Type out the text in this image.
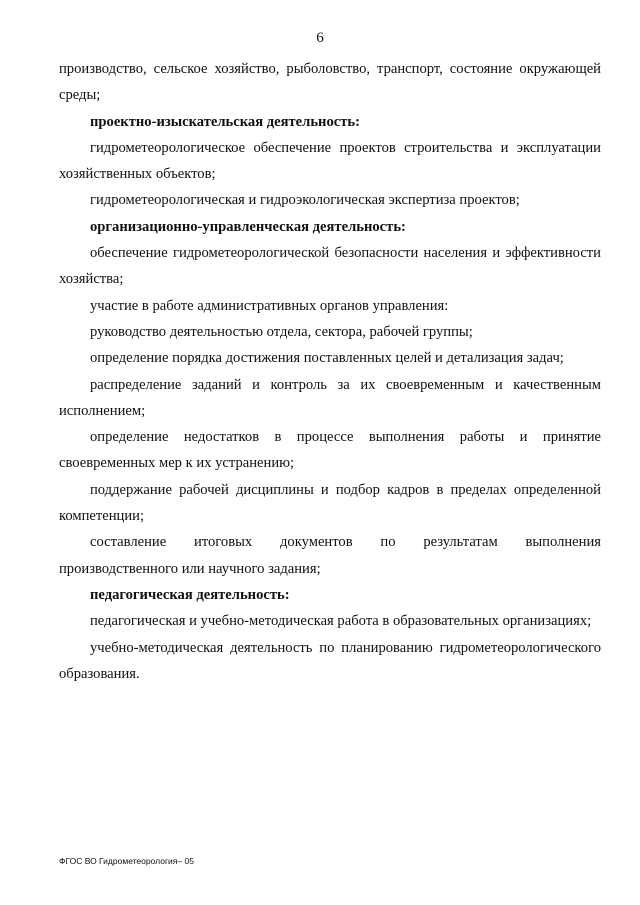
6

производство, сельское хозяйство, рыболовство, транспорт, состояние окружающей среды;

проектно-изыскательская деятельность:

гидрометеорологическое обеспечение проектов строительства и эксплуатации хозяйственных объектов;

гидрометеорологическая и гидроэкологическая экспертиза проектов;

организационно-управленческая деятельность:

обеспечение гидрометеорологической безопасности населения и эффективности хозяйства;

участие в работе административных органов управления:

руководство деятельностью отдела, сектора, рабочей группы;

определение порядка достижения поставленных целей и детализация задач;

распределение заданий и контроль за их своевременным и качественным исполнением;

определение недостатков в процессе выполнения работы и принятие своевременных мер к их устранению;

поддержание рабочей дисциплины и подбор кадров в пределах определенной компетенции;

составление итоговых документов по результатам выполнения производственного или научного задания;

педагогическая деятельность:

педагогическая и учебно-методическая работа в образовательных организациях;

учебно-методическая деятельность по планированию гидрометеорологического образования.

ФГОС ВО Гидрометеорология– 05
